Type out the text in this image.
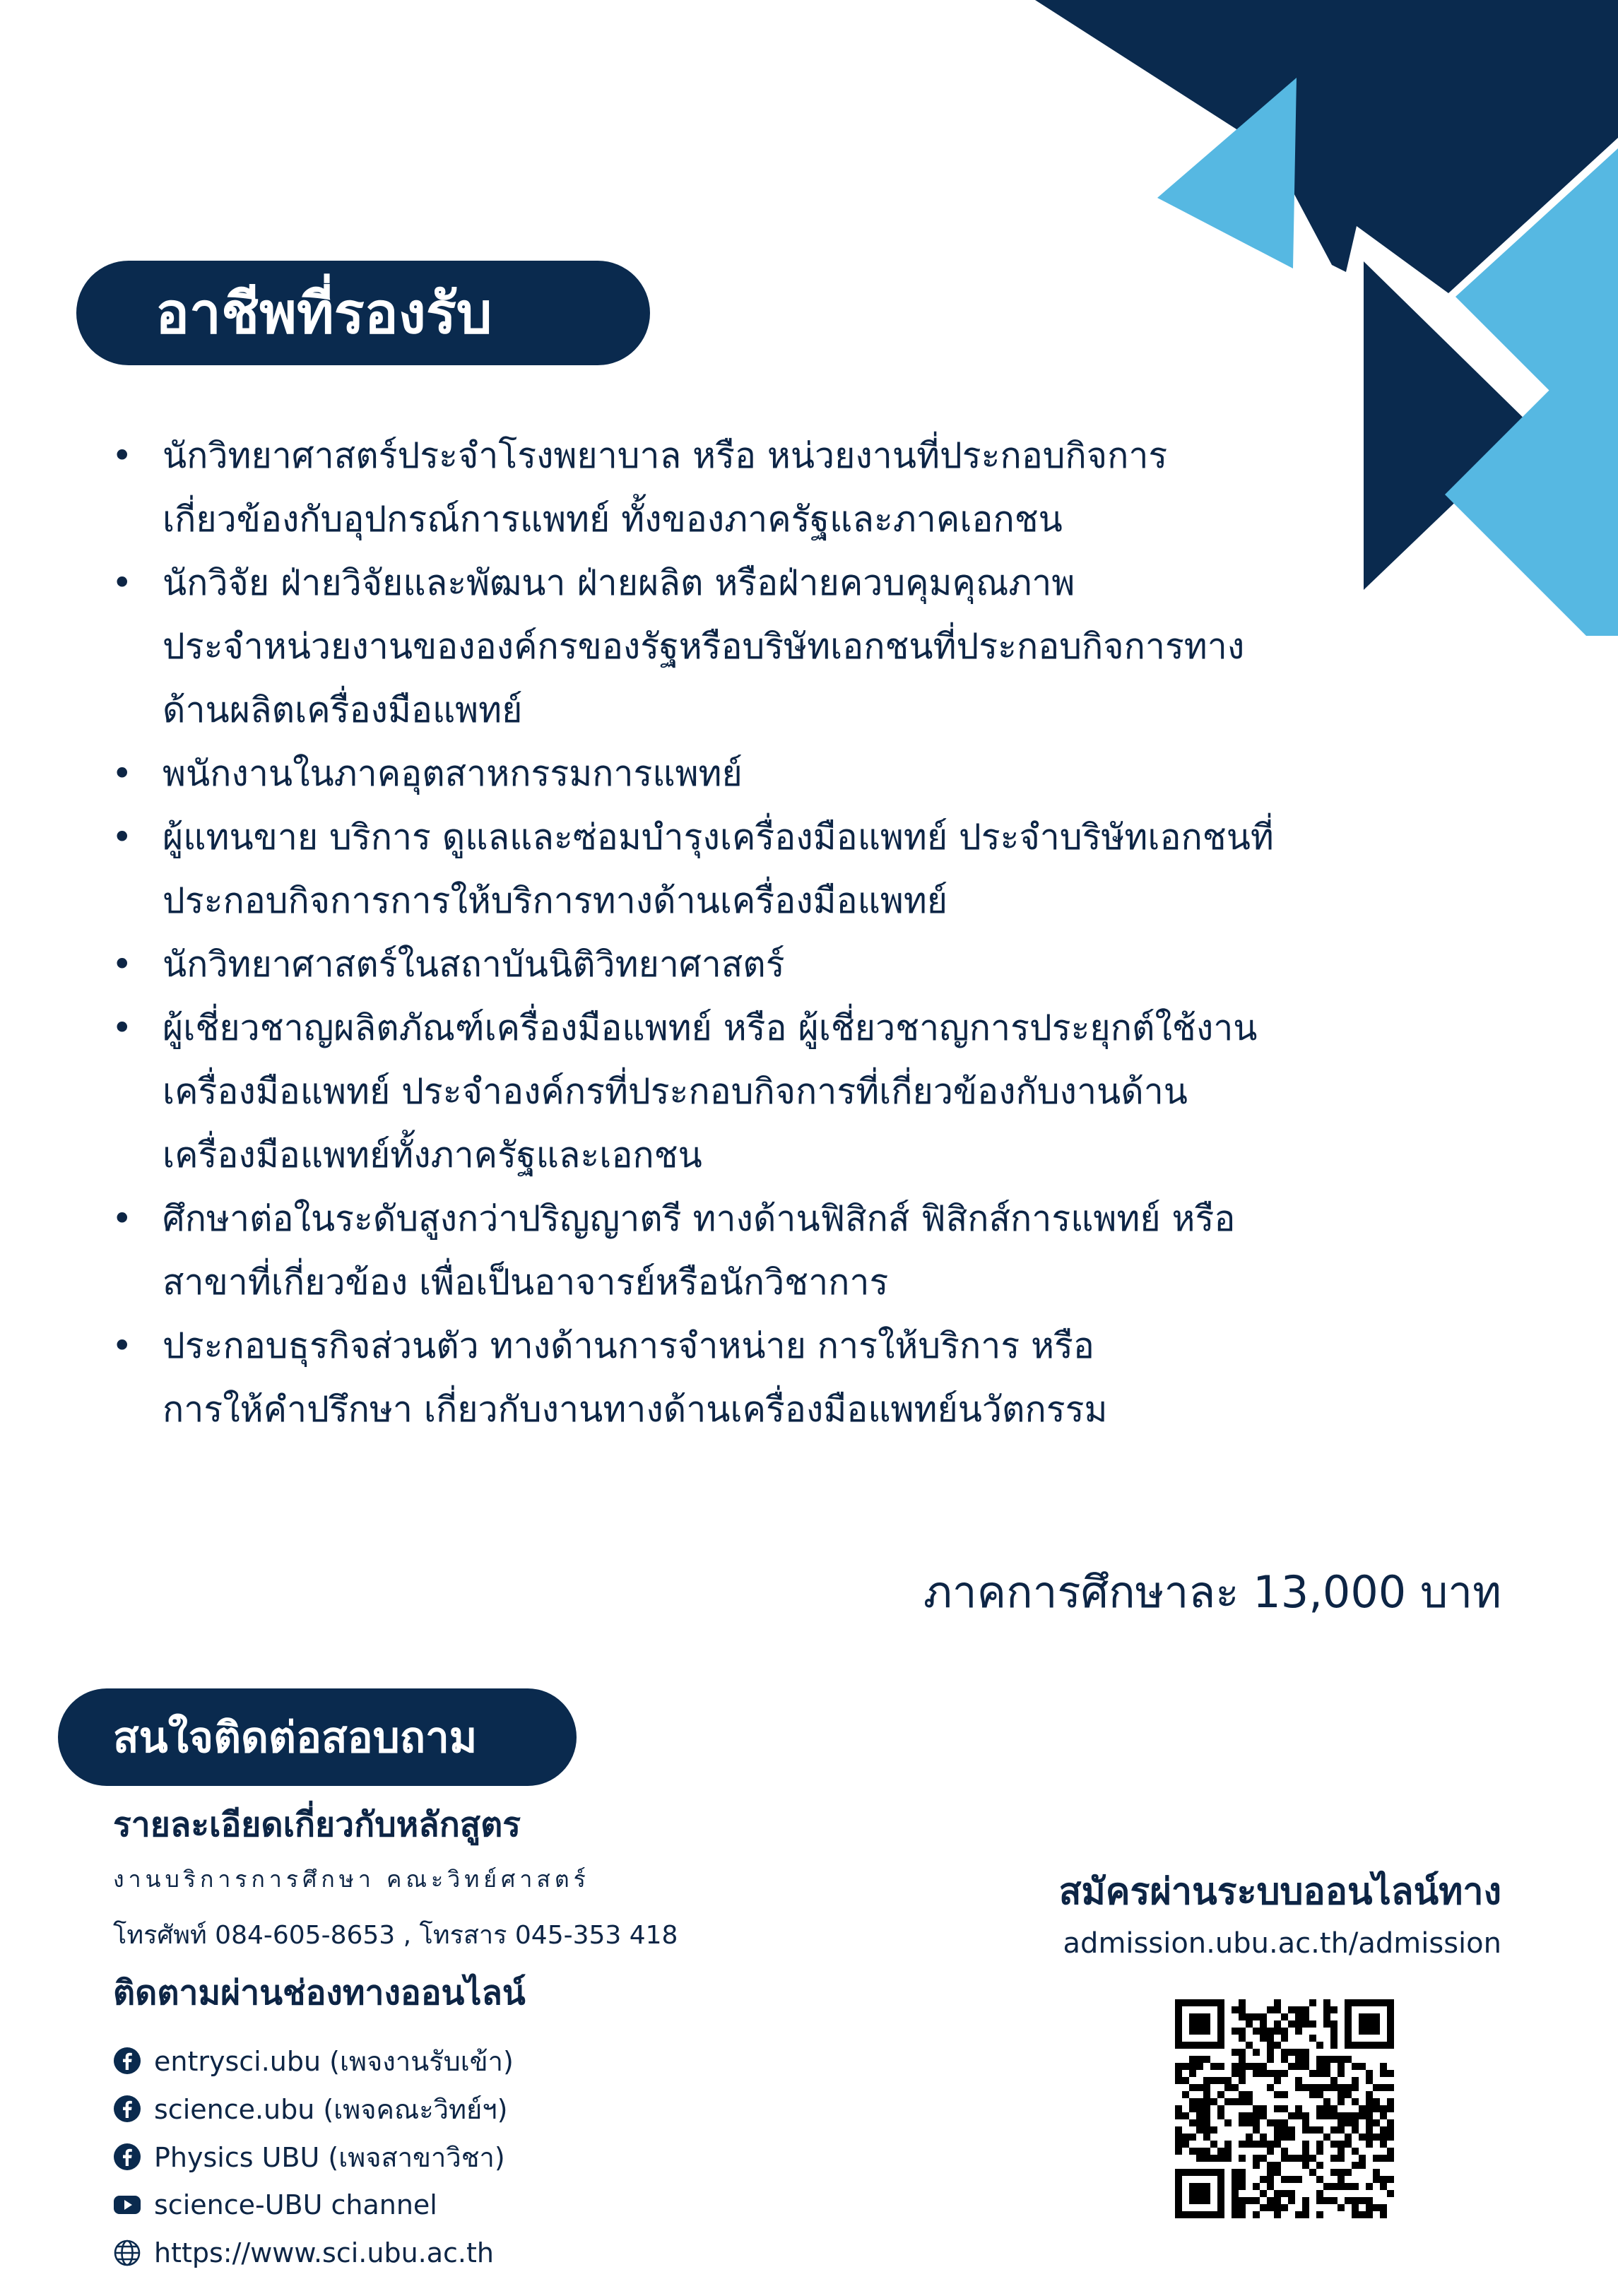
อาชีพที่รองรับ
• นักวิทยาศาสตร์ประจำโรงพยาบาล หรือ หน่วยงานที่ประกอบกิจการ
เกี่ยวข้องกับอุปกรณ์การแพทย์ ทั้งของภาครัฐและภาคเอกชน
• นักวิจัย ฝ่ายวิจัยและพัฒนา ฝ่ายผลิต หรือฝ่ายควบคุมคุณภาพ
ประจำหน่วยงานขององค์กรของรัฐหรือบริษัทเอกชนที่ประกอบกิจการทาง
ด้านผลิตเครื่องมือแพทย์
• พนักงานในภาคอุตสาหกรรมการแพทย์
• ผู้แทนขาย บริการ ดูแลและซ่อมบำรุงเครื่องมือแพทย์ ประจำบริษัทเอกชนที่
ประกอบกิจการการให้บริการทางด้านเครื่องมือแพทย์
• นักวิทยาศาสตร์ในสถาบันนิติวิทยาศาสตร์
• ผู้เชี่ยวชาญผลิตภัณฑ์เครื่องมือแพทย์ หรือ ผู้เชี่ยวชาญการประยุกต์ใช้งาน
เครื่องมือแพทย์ ประจำองค์กรที่ประกอบกิจการที่เกี่ยวข้องกับงานด้าน
เครื่องมือแพทย์ทั้งภาครัฐและเอกชน
• ศึกษาต่อในระดับสูงกว่าปริญญาตรี ทางด้านฟิสิกส์ ฟิสิกส์การแพทย์ หรือ
สาขาที่เกี่ยวข้อง เพื่อเป็นอาจารย์หรือนักวิชาการ
• ประกอบธุรกิจส่วนตัว ทางด้านการจำหน่าย การให้บริการ หรือ
การให้คำปรึกษา เกี่ยวกับงานทางด้านเครื่องมือแพทย์นวัตกรรม
ภาคการศึกษาละ 13,000 บาท
สนใจติดต่อสอบถาม

รายละเอียดเกี่ยวกับหลักสูตร

งานบริการการศึกษา คณะวิทย์ศาสตร์

โทรศัพท์ 084-605-8653 , โทรสาร 045-353 418

ติดตามผ่านช่องทางออนไลน์

entrysci.ubu (เพจงานรับเข้า)
science.ubu (เพจคณะวิทย์ฯ)
Physics UBU (เพจสาขาวิชา)
science-UBU channel
https://www.sci.ubu.ac.th

สมัครผ่านระบบออนไลน์ทาง

admission.ubu.ac.th/admission
